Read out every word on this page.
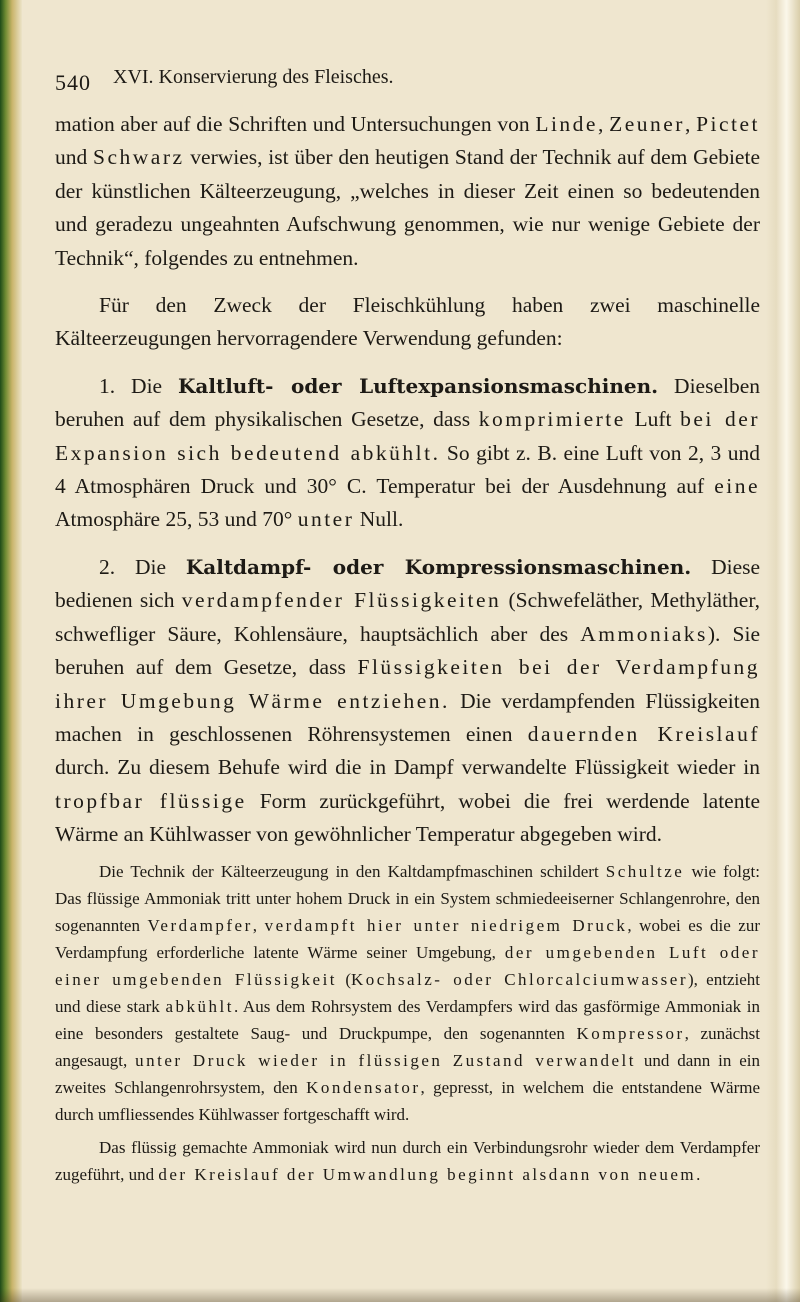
540 XVI. Konservierung des Fleisches.

mation aber auf die Schriften und Untersuchungen von Linde, Zeuner, Pictet und Schwarz verwies, ist über den heutigen Stand der Technik auf dem Gebiete der künstlichen Kälteerzeugung, „welches in dieser Zeit einen so bedeutenden und geradezu ungeahnten Aufschwung genommen, wie nur wenige Gebiete der Technik“, folgendes zu entnehmen.

Für den Zweck der Fleischkühlung haben zwei maschinelle Kälteerzeugungen hervorragendere Verwendung gefunden:

1. Die Kaltluft- oder Luftexpansionsmaschinen. Dieselben beruhen auf dem physikalischen Gesetze, dass komprimierte Luft bei der Expansion sich bedeutend abkühlt. So gibt z. B. eine Luft von 2, 3 und 4 Atmosphären Druck und 30° C. Temperatur bei der Ausdehnung auf eine Atmosphäre 25, 53 und 70° unter Null.

2. Die Kaltdampf- oder Kompressionsmaschinen. Diese bedienen sich verdampfender Flüssigkeiten (Schwefeläther, Methyläther, schwefliger Säure, Kohlensäure, hauptsächlich aber des Ammoniaks). Sie beruhen auf dem Gesetze, dass Flüssigkeiten bei der Verdampfung ihrer Umgebung Wärme entziehen. Die verdampfenden Flüssigkeiten machen in geschlossenen Röhrensystemen einen dauernden Kreislauf durch. Zu diesem Behufe wird die in Dampf verwandelte Flüssigkeit wieder in tropfbar flüssige Form zurückgeführt, wobei die frei werdende latente Wärme an Kühlwasser von gewöhnlicher Temperatur abgegeben wird.

Die Technik der Kälteerzeugung in den Kaltdampfmaschinen schildert Schultze wie folgt: Das flüssige Ammoniak tritt unter hohem Druck in ein System schmiedeeiserner Schlangenrohre, den sogenannten Verdampfer, verdampft hier unter niedrigem Druck, wobei es die zur Verdampfung erforderliche latente Wärme seiner Umgebung, der umgebenden Luft oder einer umgebenden Flüssigkeit (Kochsalz- oder Chlorcalciumwasser), entzieht und diese stark abkühlt. Aus dem Rohrsystem des Verdampfers wird das gasförmige Ammoniak in eine besonders gestaltete Saug- und Druckpumpe, den sogenannten Kompressor, zunächst angesaugt, unter Druck wieder in flüssigen Zustand verwandelt und dann in ein zweites Schlangenrohrsystem, den Kondensator, gepresst, in welchem die entstandene Wärme durch umfliessendes Kühlwasser fortgeschafft wird.

Das flüssig gemachte Ammoniak wird nun durch ein Verbindungsrohr wieder dem Verdampfer zugeführt, und der Kreislauf der Umwandlung beginnt alsdann von neuem.
